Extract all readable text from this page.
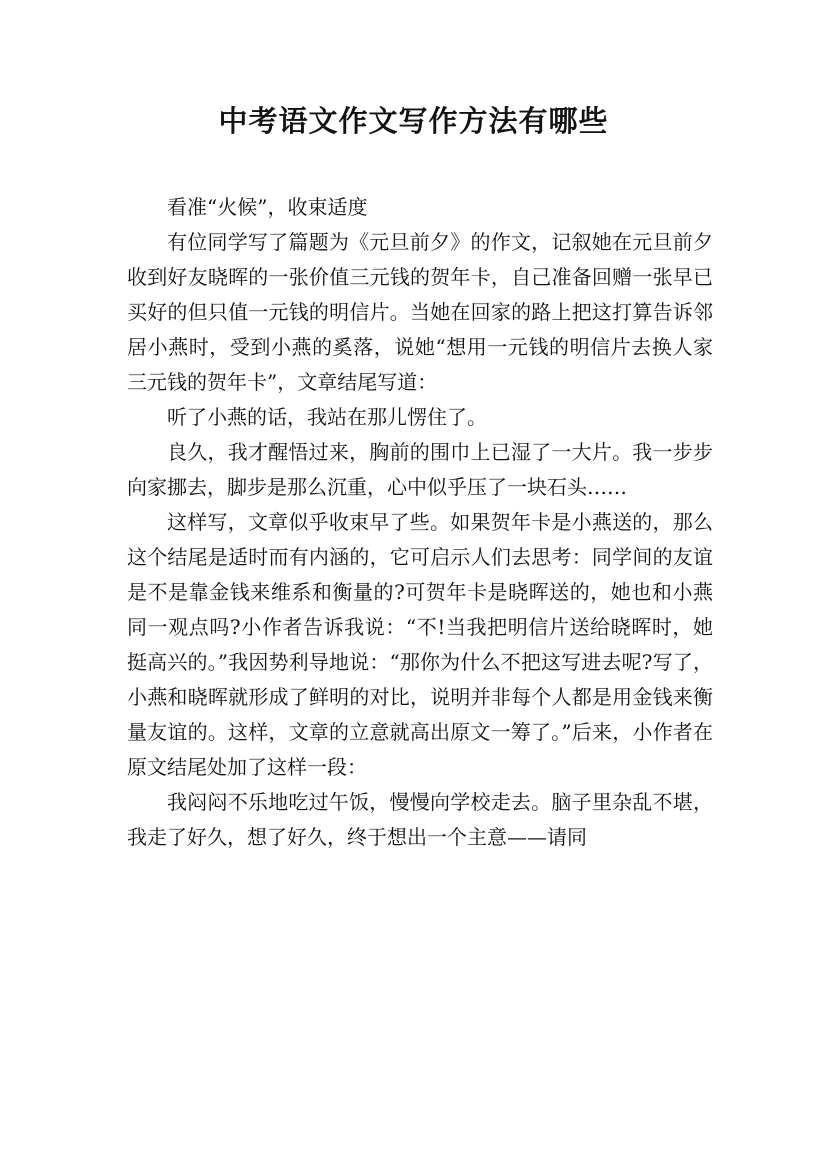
中考语文作文写作方法有哪些

看准“火候”，收束适度

有位同学写了篇题为《元旦前夕》的作文，记叙她在元旦前夕收到好友晓晖的一张价值三元钱的贺年卡，自己准备回赠一张早已买好的但只值一元钱的明信片。当她在回家的路上把这打算告诉邻居小燕时，受到小燕的奚落，说她“想用一元钱的明信片去换人家三元钱的贺年卡”，文章结尾写道：

听了小燕的话，我站在那儿愣住了。

良久，我才醒悟过来，胸前的围巾上已湿了一大片。我一步步向家挪去，脚步是那么沉重，心中似乎压了一块石头……

这样写，文章似乎收束早了些。如果贺年卡是小燕送的，那么这个结尾是适时而有内涵的，它可启示人们去思考：同学间的友谊是不是靠金钱来维系和衡量的?可贺年卡是晓晖送的，她也和小燕同一观点吗?小作者告诉我说：“不!当我把明信片送给晓晖时，她挺高兴的。”我因势利导地说：“那你为什么不把这写进去呢?写了，小燕和晓晖就形成了鲜明的对比，说明并非每个人都是用金钱来衡量友谊的。这样，文章的立意就高出原文一筹了。”后来，小作者在原文结尾处加了这样一段：

我闷闷不乐地吃过午饭，慢慢向学校走去。脑子里杂乱不堪，我走了好久，想了好久，终于想出一个主意——请同
